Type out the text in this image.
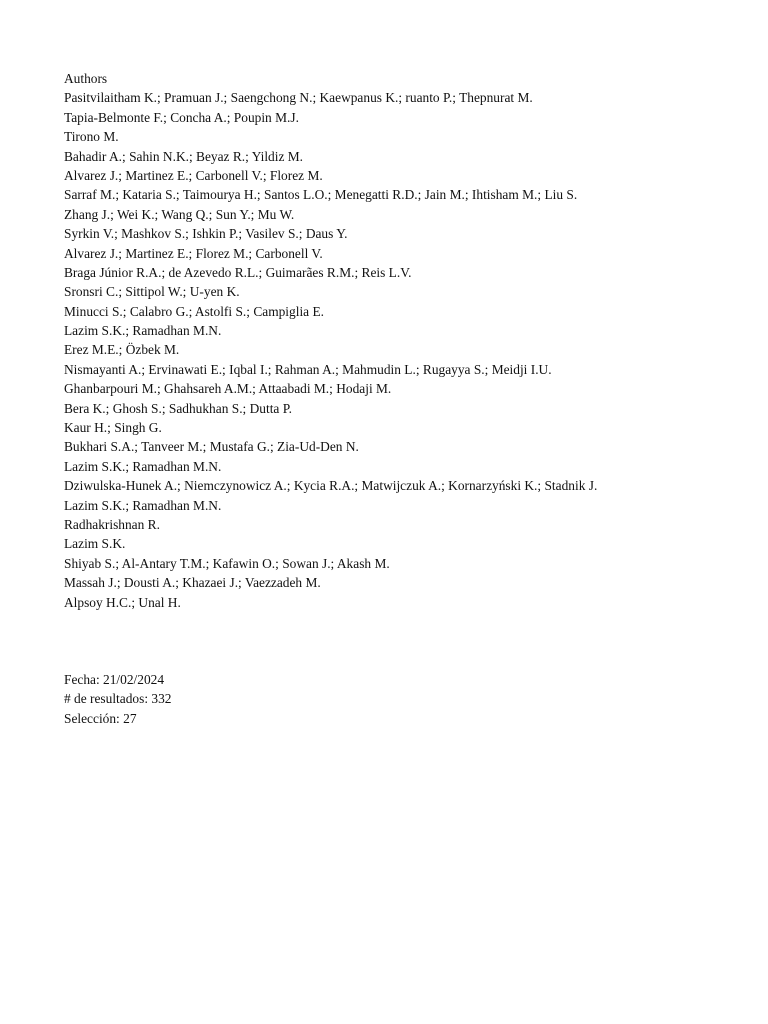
Authors
Pasitvilaitham K.; Pramuan J.; Saengchong N.; Kaewpanus K.; ruanto P.; Thepnurat M.
Tapia-Belmonte F.; Concha A.; Poupin M.J.
Tirono M.
Bahadir A.; Sahin N.K.; Beyaz R.; Yildiz M.
Alvarez J.; Martinez E.; Carbonell V.; Florez M.
Sarraf M.; Kataria S.; Taimourya H.; Santos L.O.; Menegatti R.D.; Jain M.; Ihtisham M.; Liu S.
Zhang J.; Wei K.; Wang Q.; Sun Y.; Mu W.
Syrkin V.; Mashkov S.; Ishkin P.; Vasilev S.; Daus Y.
Alvarez J.; Martinez E.; Florez M.; Carbonell V.
Braga Júnior R.A.; de Azevedo R.L.; Guimarães R.M.; Reis L.V.
Sronsri C.; Sittipol W.; U-yen K.
Minucci S.; Calabro G.; Astolfi S.; Campiglia E.
Lazim S.K.; Ramadhan M.N.
Erez M.E.; Özbek M.
Nismayanti A.; Ervinawati E.; Iqbal I.; Rahman A.; Mahmudin L.; Rugayya S.; Meidji I.U.
Ghanbarpouri M.; Ghahsareh A.M.; Attaabadi M.; Hodaji M.
Bera K.; Ghosh S.; Sadhukhan S.; Dutta P.
Kaur H.; Singh G.
Bukhari S.A.; Tanveer M.; Mustafa G.; Zia-Ud-Den N.
Lazim S.K.; Ramadhan M.N.
Dziwulska-Hunek A.; Niemczynowicz A.; Kycia R.A.; Matwijczuk A.; Kornarzyński K.; Stadnik J.
Lazim S.K.; Ramadhan M.N.
Radhakrishnan R.
Lazim S.K.
Shiyab S.; Al-Antary T.M.; Kafawin O.; Sowan J.; Akash M.
Massah J.; Dousti A.; Khazaei J.; Vaezzadeh M.
Alpsoy H.C.; Unal H.
Fecha: 21/02/2024
# de resultados: 332
Selección: 27
